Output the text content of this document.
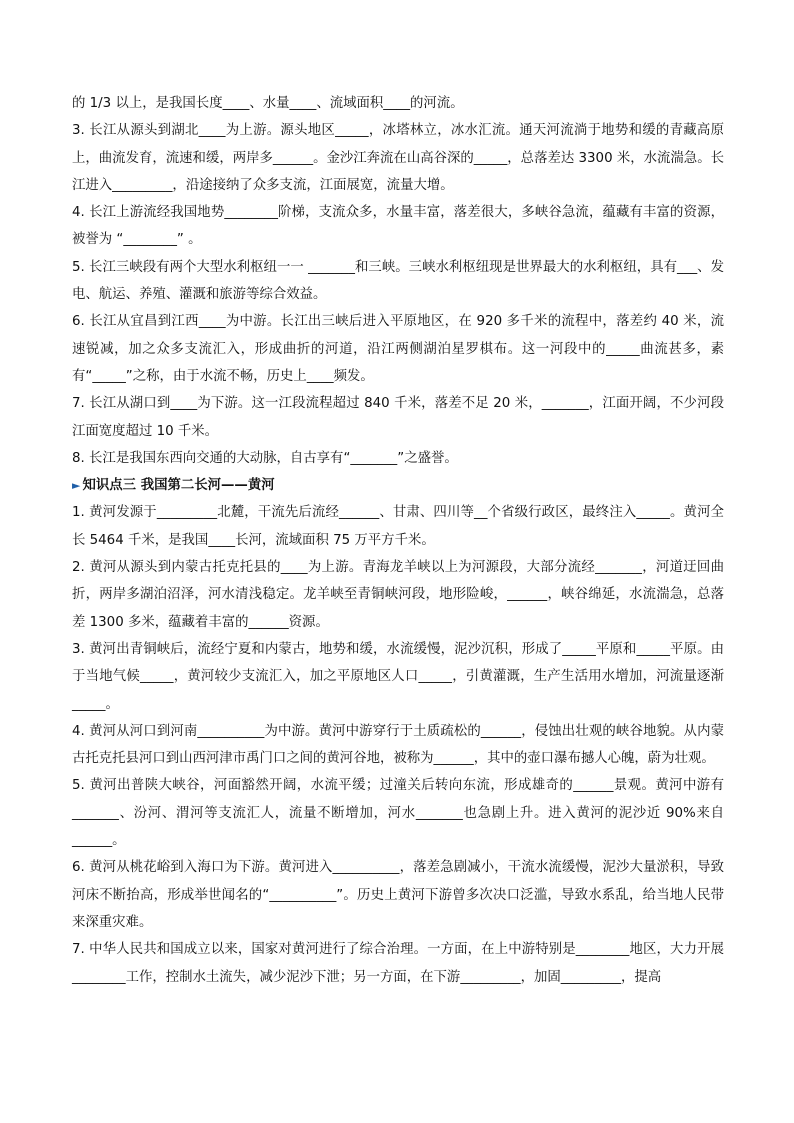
的 1/3 以上，是我国长度____、水量____、流域面积____的河流。

3. 长江从源头到湖北____为上游。源头地区_____，冰塔林立，冰水汇流。通天河流淌于地势和缓的青藏高原上，曲流发育，流速和缓，两岸多______。金沙江奔流在山高谷深的_____，总落差达 3300 米，水流湍急。长江进入_________，沿途接纳了众多支流，江面展宽，流量大增。

4. 长江上游流经我国地势________阶梯，支流众多，水量丰富，落差很大，多峡谷急流，蕴藏有丰富的资源，被誉为 “________” 。

5. 长江三峡段有两个大型水利枢纽一一 _______和三峡。三峡水利枢纽现是世界最大的水利枢纽，具有___、发电、航运、养殖、灌溉和旅游等综合效益。

6. 长江从宜昌到江西____为中游。长江出三峡后进入平原地区，在 920 多千米的流程中，落差约 40 米，流速锐减，加之众多支流汇入，形成曲折的河道，沿江两侧湖泊星罗棋布。这一河段中的_____曲流甚多，素有“_____”之称，由于水流不畅，历史上____频发。

7. 长江从湖口到____为下游。这一江段流程超过 840 千米，落差不足 20 米，_______，江面开阔，不少河段江面宽度超过 10 千米。

8. 长江是我国东西向交通的大动脉，自古享有“_______”之盛誉。

► 知识点三 我国第二长河——黄河

1. 黄河发源于_________北麓，干流先后流经______、甘肃、四川等__个省级行政区，最终注入_____。黄河全长 5464 千米，是我国____长河，流域面积 75 万平方千米。

2. 黄河从源头到内蒙古托克托县的____为上游。青海龙羊峡以上为河源段，大部分流经_______，河道迂回曲折，两岸多湖泊沼泽，河水清浅稳定。龙羊峡至青铜峡河段，地形险峻，______，峡谷绵延，水流湍急，总落差 1300 多米，蕴藏着丰富的______资源。

3. 黄河出青铜峡后，流经宁夏和内蒙古，地势和缓，水流缓慢，泥沙沉积，形成了_____平原和_____平原。由于当地气候_____，黄河较少支流汇入，加之平原地区人口_____，引黄灌溉，生产生活用水增加，河流量逐渐_____。

4. 黄河从河口到河南__________为中游。黄河中游穿行于土质疏松的______，侵蚀出壮观的峡谷地貌。从内蒙古托克托县河口到山西河津市禹门口之间的黄河谷地，被称为______，其中的壶口瀑布撼人心魄，蔚为壮观。

5. 黄河出普陕大峡谷，河面豁然开阔，水流平缓；过潼关后转向东流，形成雄奇的______景观。黄河中游有_______、汾河、渭河等支流汇人，流量不断增加，河水_______也急剧上升。进入黄河的泥沙近 90%来自______。

6. 黄河从桃花峪到入海口为下游。黄河进入__________，落差急剧减小，干流水流缓慢，泥沙大量淤积，导致河床不断抬高，形成举世闻名的“__________”。历史上黄河下游曾多次决口泛滥，导致水系乱，给当地人民带来深重灾难。

7. 中华人民共和国成立以来，国家对黄河进行了综合治理。一方面，在上中游特别是________地区，大力开展________工作，控制水土流失，减少泥沙下泄；另一方面，在下游_________，加固_________，提高
